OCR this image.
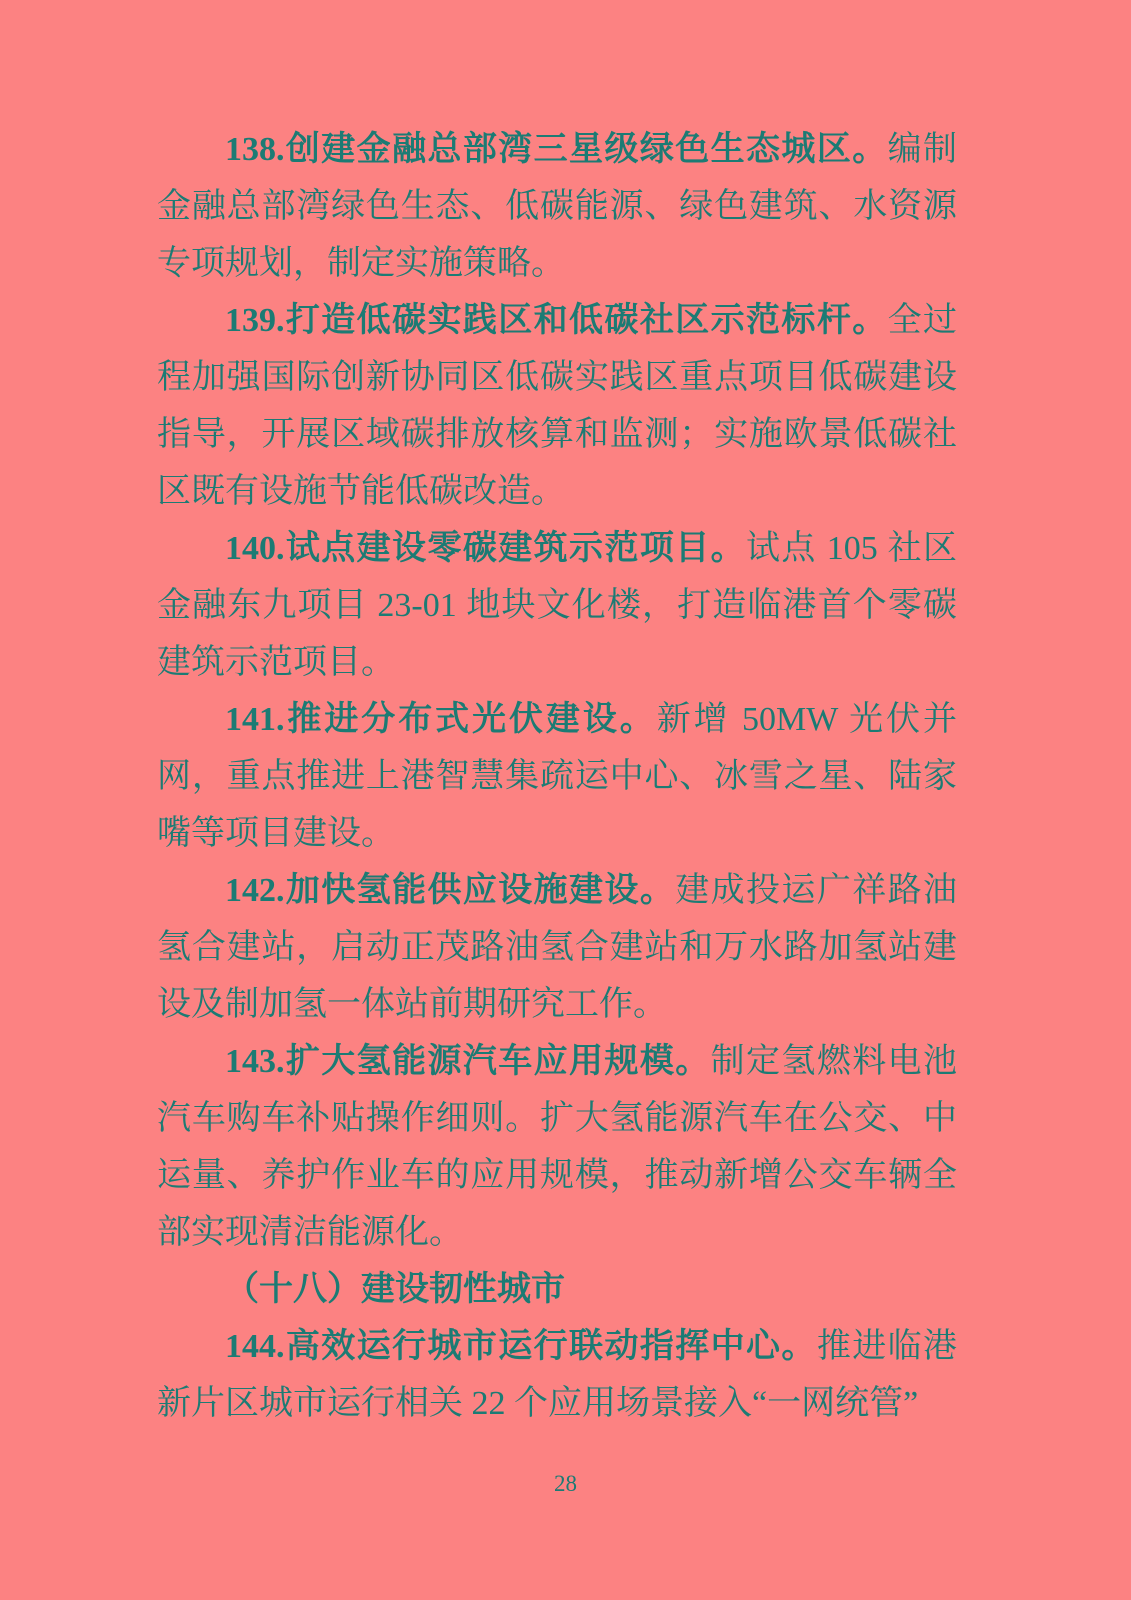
138.创建金融总部湾三星级绿色生态城区。编制金融总部湾绿色生态、低碳能源、绿色建筑、水资源专项规划，制定实施策略。

139.打造低碳实践区和低碳社区示范标杆。全过程加强国际创新协同区低碳实践区重点项目低碳建设指导，开展区域碳排放核算和监测；实施欧景低碳社区既有设施节能低碳改造。

140.试点建设零碳建筑示范项目。试点 105 社区金融东九项目 23-01 地块文化楼，打造临港首个零碳建筑示范项目。

141.推进分布式光伏建设。新增 50MW 光伏并网，重点推进上港智慧集疏运中心、冰雪之星、陆家嘴等项目建设。

142.加快氢能供应设施建设。建成投运广祥路油氢合建站，启动正茂路油氢合建站和万水路加氢站建设及制加氢一体站前期研究工作。

143.扩大氢能源汽车应用规模。制定氢燃料电池汽车购车补贴操作细则。扩大氢能源汽车在公交、中运量、养护作业车的应用规模，推动新增公交车辆全部实现清洁能源化。

（十八）建设韧性城市

144.高效运行城市运行联动指挥中心。推进临港新片区城市运行相关 22 个应用场景接入“一网统管”

28
